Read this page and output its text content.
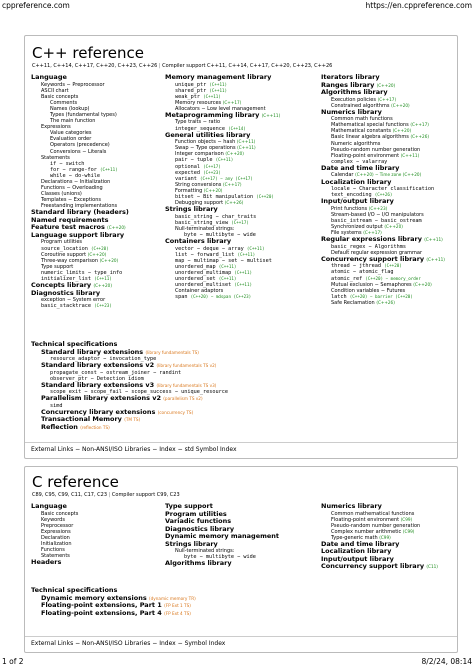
cppreference.com	https://en.cppreference.com
C++ reference
C++11, C++14, C++17, C++20, C++23, C++26 | Compiler support C++11, C++14, C++17, C++20, C++23, C++26
Language
Keywords − Preprocessor
ASCII chart
Basic concepts
Comments
Names (lookup)
Types (fundamental types)
The main function
Expressions
Value categories
Evaluation order
Operators (precedence)
Conversions − Literals
Statements
if − switch
for − range-for (C++11)
while − do-while
Declarations − Initialization
Functions − Overloading
Classes (unions)
Templates − Exceptions
Freestanding implementations
Standard library (headers)
Named requirements
Feature test macros (C++20)
Language support library
Program utilities
source_location (C++20)
Coroutine support (C++20)
Three-way comparison (C++20)
Type support
numeric_limits − type_info
initializer_list (C++11)
Concepts library (C++20)
Diagnostics library
exception − System error
basic_stacktrace (C++23)
Memory management library
unique_ptr (C++11)
shared_ptr (C++11)
weak_ptr (C++11)
Memory resources (C++17)
Allocators − Low level management
Metaprogramming library (C++11)
Type traits − ratio
integer_sequence (C++14)
General utilities library
Function objects − hash (C++11)
Swap − Type operations (C++11)
Integer comparison (C++20)
pair − tuple (C++11)
optional (C++17)
expected (C++23)
variant (C++17) − any (C++17)
String conversions (C++17)
Formatting (C++20)
bitset − Bit manipulation (C++20)
Debugging support (C++26)
Strings library
basic_string − char_traits
basic_string_view (C++17)
Null-terminated strings:
byte − multibyte − wide
Containers library
vector − deque − array (C++11)
list − forward_list (C++11)
map − multimap − set − multiset
unordered_map (C++11)
unordered_multimap (C++11)
unordered_set (C++11)
unordered_multiset (C++11)
Container adaptors
span (C++20) − mdspan (C++23)
Iterators library
Ranges library (C++20)
Algorithms library
Execution policies (C++17)
Constrained algorithms (C++20)
Numerics library
Common math functions
Mathematical special functions (C++17)
Mathematical constants (C++20)
Basic linear algebra algorithms (C++26)
Numeric algorithms
Pseudo-random number generation
Floating-point environment (C++11)
complex − valarray
Date and time library
Calendar (C++20) − Time zone (C++20)
Localization library
locale − Character classification
text_encoding (C++26)
Input/output library
Print functions (C++23)
Stream-based I/O − I/O manipulators
basic_istream − basic_ostream
Synchronized output (C++20)
File systems (C++17)
Regular expressions library (C++11)
basic_regex − Algorithms
Default regular expression grammar
Concurrency support library (C++11)
thread − jthread (C++20)
atomic − atomic_flag
atomic_ref (C++20) − memory_order
Mutual exclusion − Semaphores (C++20)
Condition variables − Futures
latch (C++20) − barrier (C++20)
Safe Reclamation (C++26)
Technical specifications
Standard library extensions (library fundamentals TS)
resource_adaptor − invocation_type
Standard library extensions v2 (library fundamentals TS v2)
propagate_const − ostream_joiner − randint
observer_ptr − Detection idiom
Standard library extensions v3 (library fundamentals TS v3)
scope_exit − scope_fail − scope_success − unique_resource
Parallelism library extensions v2 (parallelism TS v2)
simd
Concurrency library extensions (concurrency TS)
Transactional Memory (TM TS)
Reflection (reflection TS)
External Links − Non-ANSI/ISO Libraries − Index − std Symbol Index
C reference
C89, C95, C99, C11, C17, C23 | Compiler support C99, C23
Language
Basic concepts
Keywords
Preprocessor
Expressions
Declaration
Initialization
Functions
Statements
Headers
Type support
Program utilities
Variadic functions
Diagnostics library
Dynamic memory management
Strings library
Null-terminated strings:
byte − multibyte − wide
Algorithms library
Numerics library
Common mathematical functions
Floating-point environment (C99)
Pseudo-random number generation
Complex number arithmetic (C99)
Type-generic math (C99)
Date and time library
Localization library
Input/output library
Concurrency support library (C11)
Technical specifications
Dynamic memory extensions (dynamic memory TR)
Floating-point extensions, Part 1 (FP Ext 1 TS)
Floating-point extensions, Part 4 (FP Ext 4 TS)
External Links − Non-ANSI/ISO Libraries − Index − Symbol Index
1 of 2	8/2/24, 08:14
